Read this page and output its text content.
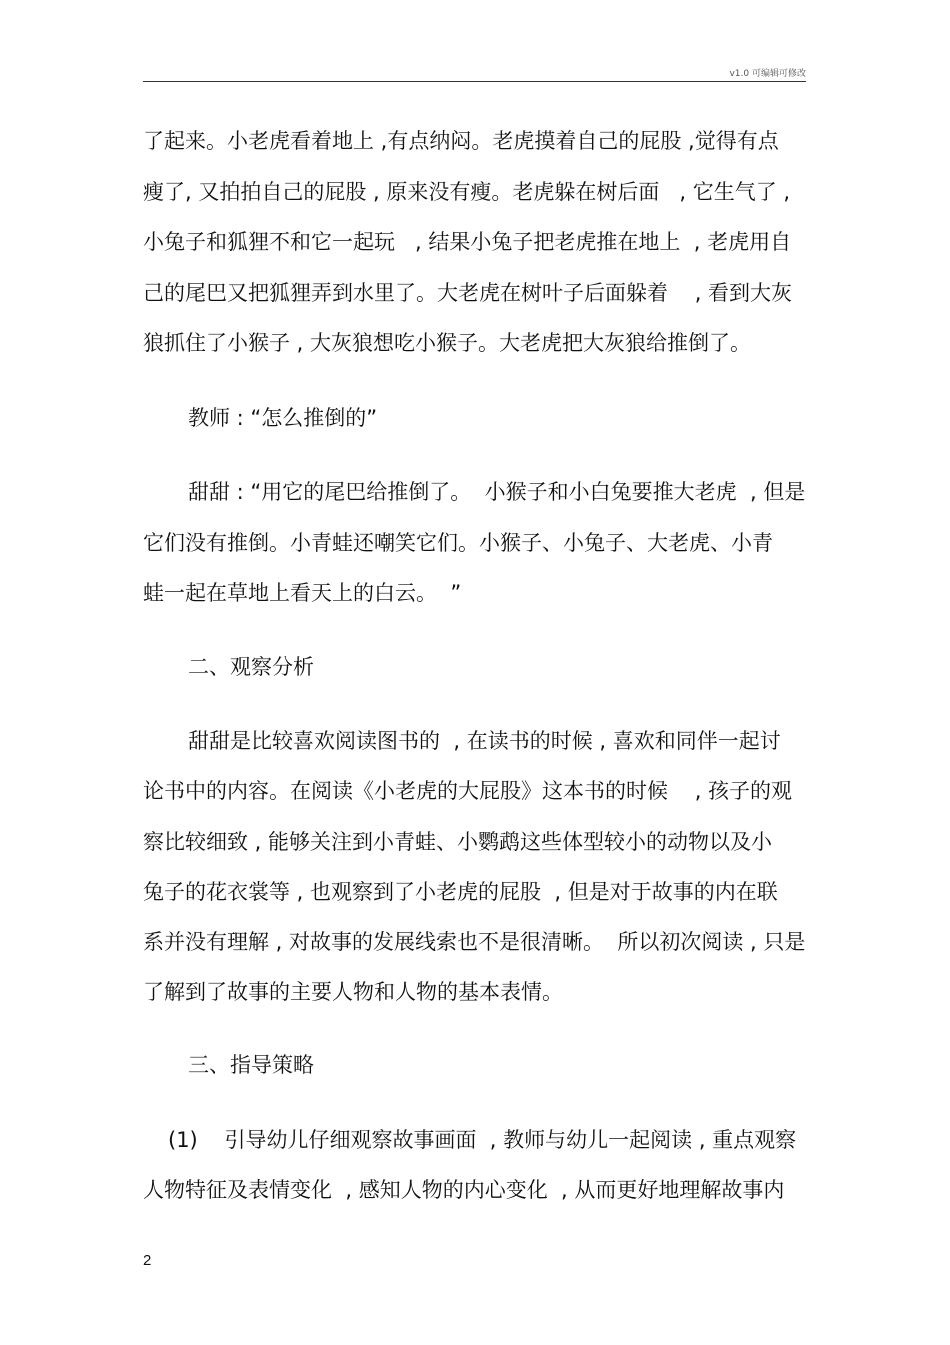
v1.0 可编辑可修改
了起来。小老虎看着地上 ,有点纳闷。老虎摸着自己的屁股 ,觉得有点
瘦了, 又拍拍自己的屁股 , 原来没有瘦。老虎躲在树后面   , 它生气了 ,
小兔子和狐狸不和它一起玩   , 结果小兔子把老虎推在地上  , 老虎用自
己的尾巴又把狐狸弄到水里了。大老虎在树叶子后面躲着    , 看到大灰
狼抓住了小猴子 , 大灰狼想吃小猴子。大老虎把大灰狼给推倒了。
教师 : “怎么推倒的”
甜甜 : “用它的尾巴给推倒了。  小猴子和小白兔要推大老虎  , 但是
它们没有推倒。小青蛙还嘲笑它们。小猴子、小兔子、大老虎、小青
蛙一起在草地上看天上的白云。  ”
二、观察分析
甜甜是比较喜欢阅读图书的  , 在读书的时候 , 喜欢和同伴一起讨
论书中的内容。在阅读《小老虎的大屁股》这本书的时候    , 孩子的观
察比较细致 , 能够关注到小青蛙、小鹦鹉这些体型较小的动物以及小
兔子的花衣裳等 , 也观察到了小老虎的屁股  , 但是对于故事的内在联
系并没有理解 , 对故事的发展线索也不是很清晰。  所以初次阅读 , 只是
了解到了故事的主要人物和人物的基本表情。
三、指导策略
(1)    引导幼儿仔细观察故事画面  , 教师与幼儿一起阅读 , 重点观察
人物特征及表情变化  , 感知人物的内心变化  , 从而更好地理解故事内
2
